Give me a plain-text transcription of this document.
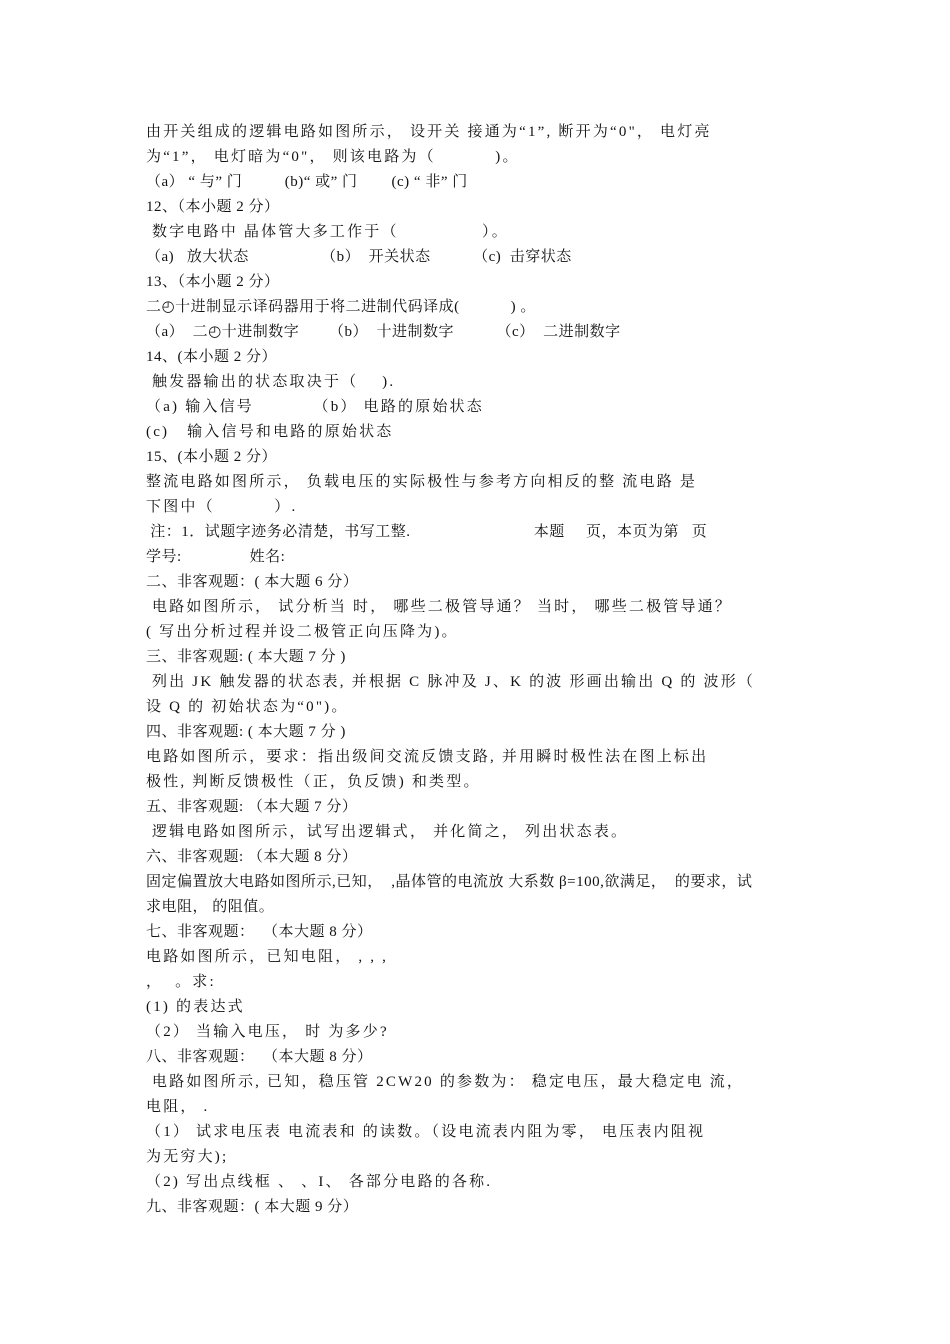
由开关组成的逻辑电路如图所示， 设开关 接通为“1”, 断开为“0"， 电灯亮
为“1”， 电灯暗为“0"， 则该电路为（          )。
（a） “ 与” 门          (b)“ 或” 门        (c) “ 非” 门
12、（本小题 2 分）
数字电路中 晶体管大多工作于（              ）。
（a)   放大状态                 （b）  开关状态          （c)  击穿状态
13、（本小题 2 分）
二◴十进制显示译码器用于将二进制代码译成(            ) 。
（a）  二◴十进制数字       （b）  十进制数字          （c）  二进制数字
14、(本小题 2 分）
触发器输出的状态取决于（    ).
（a) 输入信号          （b） 电路的原始状态
(c)   输入信号和电路的原始状态
15、(本小题 2 分）
整流电路如图所示， 负载电压的实际极性与参考方向相反的整 流电路 是
下图中（          ）.
注：1．试题字迹务必清楚，书写工整.                             本题     页，本页为第   页
学号:                姓名:
二、非客观题：( 本大题 6 分）
电路如图所示， 试分析当 时， 哪些二极管导通？ 当时， 哪些二极管导通？
( 写出分析过程并设二极管正向压降为)。
三、非客观题: ( 本大题 7 分 )
列出 JK 触发器的状态表, 并根据 C 脉冲及 J、K 的波 形画出输出 Q 的 波形（
设 Q 的 初始状态为“0")。
四、非客观题: ( 本大题 7 分 )
电路如图所示，要求：指出级间交流反馈支路, 并用瞬时极性法在图上标出
极性, 判断反馈极性（正，负反馈) 和类型。
五、非客观题: （本大题 7 分）
逻辑电路如图所示，试写出逻辑式， 并化简之， 列出状态表。
六、非客观题: （本大题 8 分）
固定偏置放大电路如图所示,已知，  ,晶体管的电流放 大系数 β=100,欲满足，  的要求，试
求电阻， 的阻值。
七、非客观题：  （本大题 8 分）
电路如图所示，已知电阻， , , ,
，  。求:
(1) 的表达式
（2） 当输入电压， 时 为多少?
八、非客观题：  （本大题 8 分）
电路如图所示, 已知，稳压管 2CW20 的参数为： 稳定电压，最大稳定电 流，
电阻， .
（1） 试求电压表 电流表和 的读数。（设电流表内阻为零， 电压表内阻视
为无穷大);
（2) 写出点线框 、 、I、 各部分电路的各称.
九、非客观题：( 本大题 9 分）
